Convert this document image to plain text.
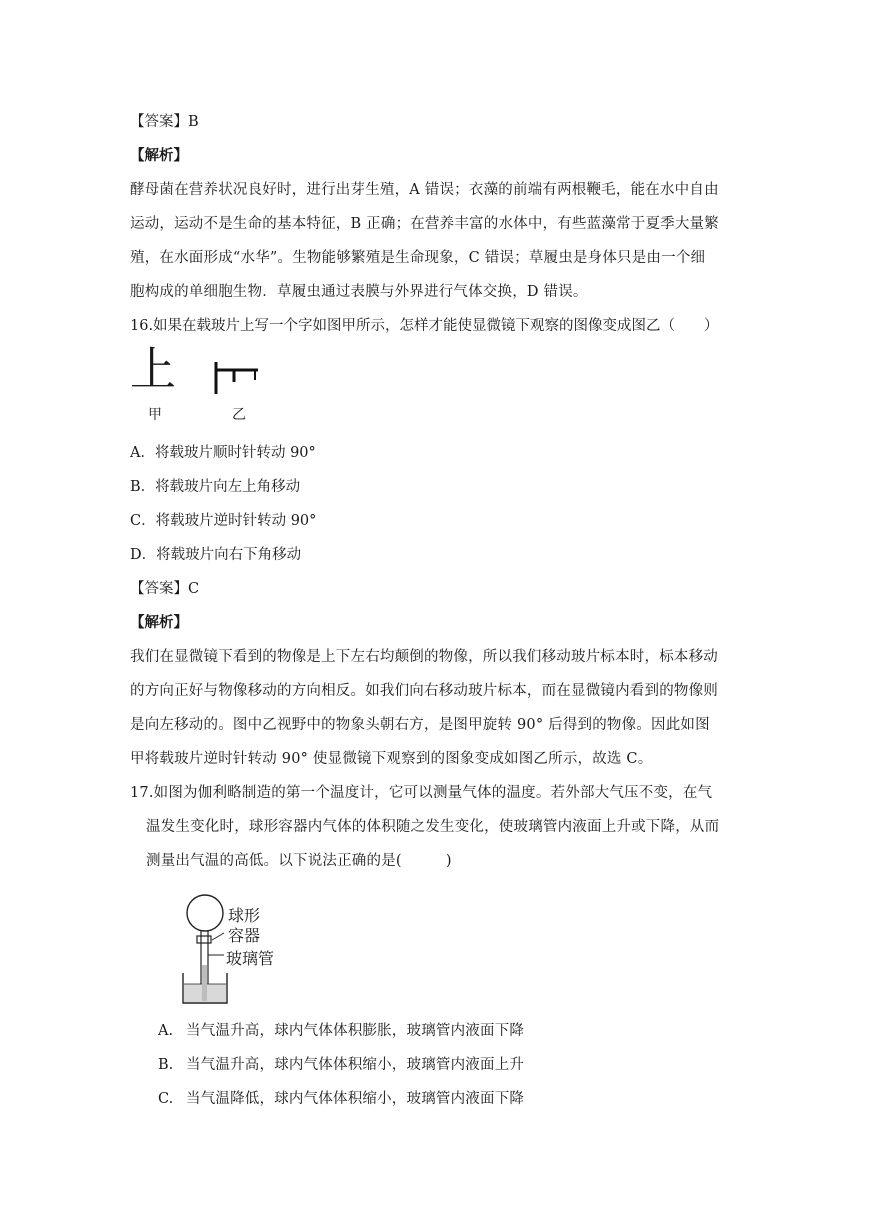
【答案】B
【解析】
酵母菌在营养状况良好时，进行出芽生殖，A 错误；衣藻的前端有两根鞭毛，能在水中自由
运动，运动不是生命的基本特征，B 正确；在营养丰富的水体中，有些蓝藻常于夏季大量繁
殖，在水面形成“水华”。生物能够繁殖是生命现象，C 错误；草履虫是身体只是由一个细
胞构成的单细胞生物．草履虫通过表膜与外界进行气体交换，D 错误。
16.如果在载玻片上写一个字如图甲所示，怎样才能使显微镜下观察的图像变成图乙（　　）
上
甲	乙
A．将载玻片顺时针转动 90°
B．将载玻片向左上角移动
C．将载玻片逆时针转动 90°
D．将载玻片向右下角移动
【答案】C
【解析】
我们在显微镜下看到的物像是上下左右均颠倒的物像，所以我们移动玻片标本时，标本移动
的方向正好与物像移动的方向相反。如我们向右移动玻片标本，而在显微镜内看到的物像则
是向左移动的。图中乙视野中的物象头朝右方，是图甲旋转 90° 后得到的物像。因此如图
甲将载玻片逆时针转动 90° 使显微镜下观察到的图象变成如图乙所示，故选 C。
17.如图为伽利略制造的第一个温度计，它可以测量气体的温度。若外部大气压不变，在气
温发生变化时，球形容器内气体的体积随之发生变化，使玻璃管内液面上升或下降，从而
测量出气温的高低。以下说法正确的是(　　　)
球形
容器
玻璃管
A. 当气温升高，球内气体体积膨胀，玻璃管内液面下降
B. 当气温升高，球内气体体积缩小，玻璃管内液面上升
C. 当气温降低，球内气体体积缩小，玻璃管内液面下降
